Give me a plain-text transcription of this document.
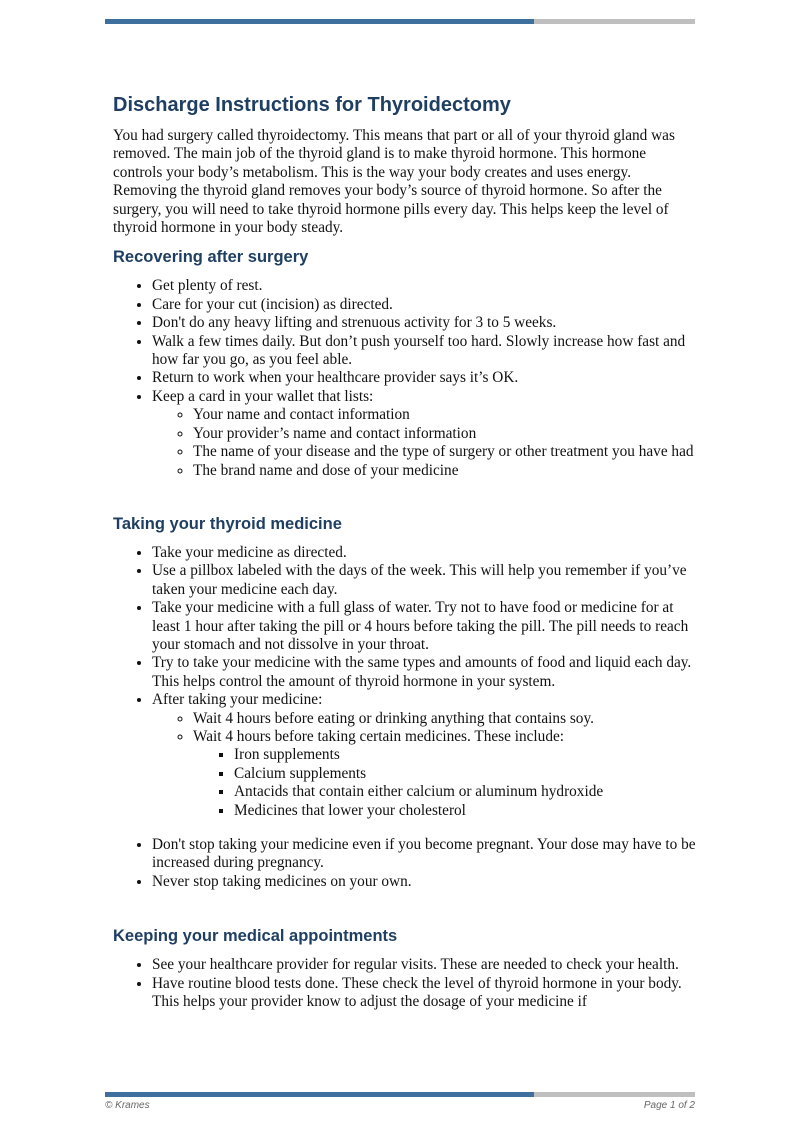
Discharge Instructions for Thyroidectomy

You had surgery called thyroidectomy. This means that part or all of your thyroid gland was removed. The main job of the thyroid gland is to make thyroid hormone. This hormone controls your body’s metabolism. This is the way your body creates and uses energy. Removing the thyroid gland removes your body’s source of thyroid hormone. So after the surgery, you will need to take thyroid hormone pills every day. This helps keep the level of thyroid hormone in your body steady.

Recovering after surgery
• Get plenty of rest.
• Care for your cut (incision) as directed.
• Don't do any heavy lifting and strenuous activity for 3 to 5 weeks.
• Walk a few times daily. But don’t push yourself too hard. Slowly increase how fast and how far you go, as you feel able.
• Return to work when your healthcare provider says it’s OK.
• Keep a card in your wallet that lists:
◦ Your name and contact information
◦ Your provider’s name and contact information
◦ The name of your disease and the type of surgery or other treatment you have had
◦ The brand name and dose of your medicine
Taking your thyroid medicine
• Take your medicine as directed.
• Use a pillbox labeled with the days of the week. This will help you remember if you’ve taken your medicine each day.
• Take your medicine with a full glass of water. Try not to have food or medicine for at least 1 hour after taking the pill or 4 hours before taking the pill. The pill needs to reach your stomach and not dissolve in your throat.
• Try to take your medicine with the same types and amounts of food and liquid each day. This helps control the amount of thyroid hormone in your system.
• After taking your medicine:
◦ Wait 4 hours before eating or drinking anything that contains soy.
◦ Wait 4 hours before taking certain medicines. These include:
▪ Iron supplements
▪ Calcium supplements
▪ Antacids that contain either calcium or aluminum hydroxide
▪ Medicines that lower your cholesterol
• Don't stop taking your medicine even if you become pregnant. Your dose may have to be increased during pregnancy.
• Never stop taking medicines on your own.
Keeping your medical appointments
• See your healthcare provider for regular visits. These are needed to check your health.
• Have routine blood tests done. These check the level of thyroid hormone in your body. This helps your provider know to adjust the dosage of your medicine if
© Krames	Page 1 of 2
